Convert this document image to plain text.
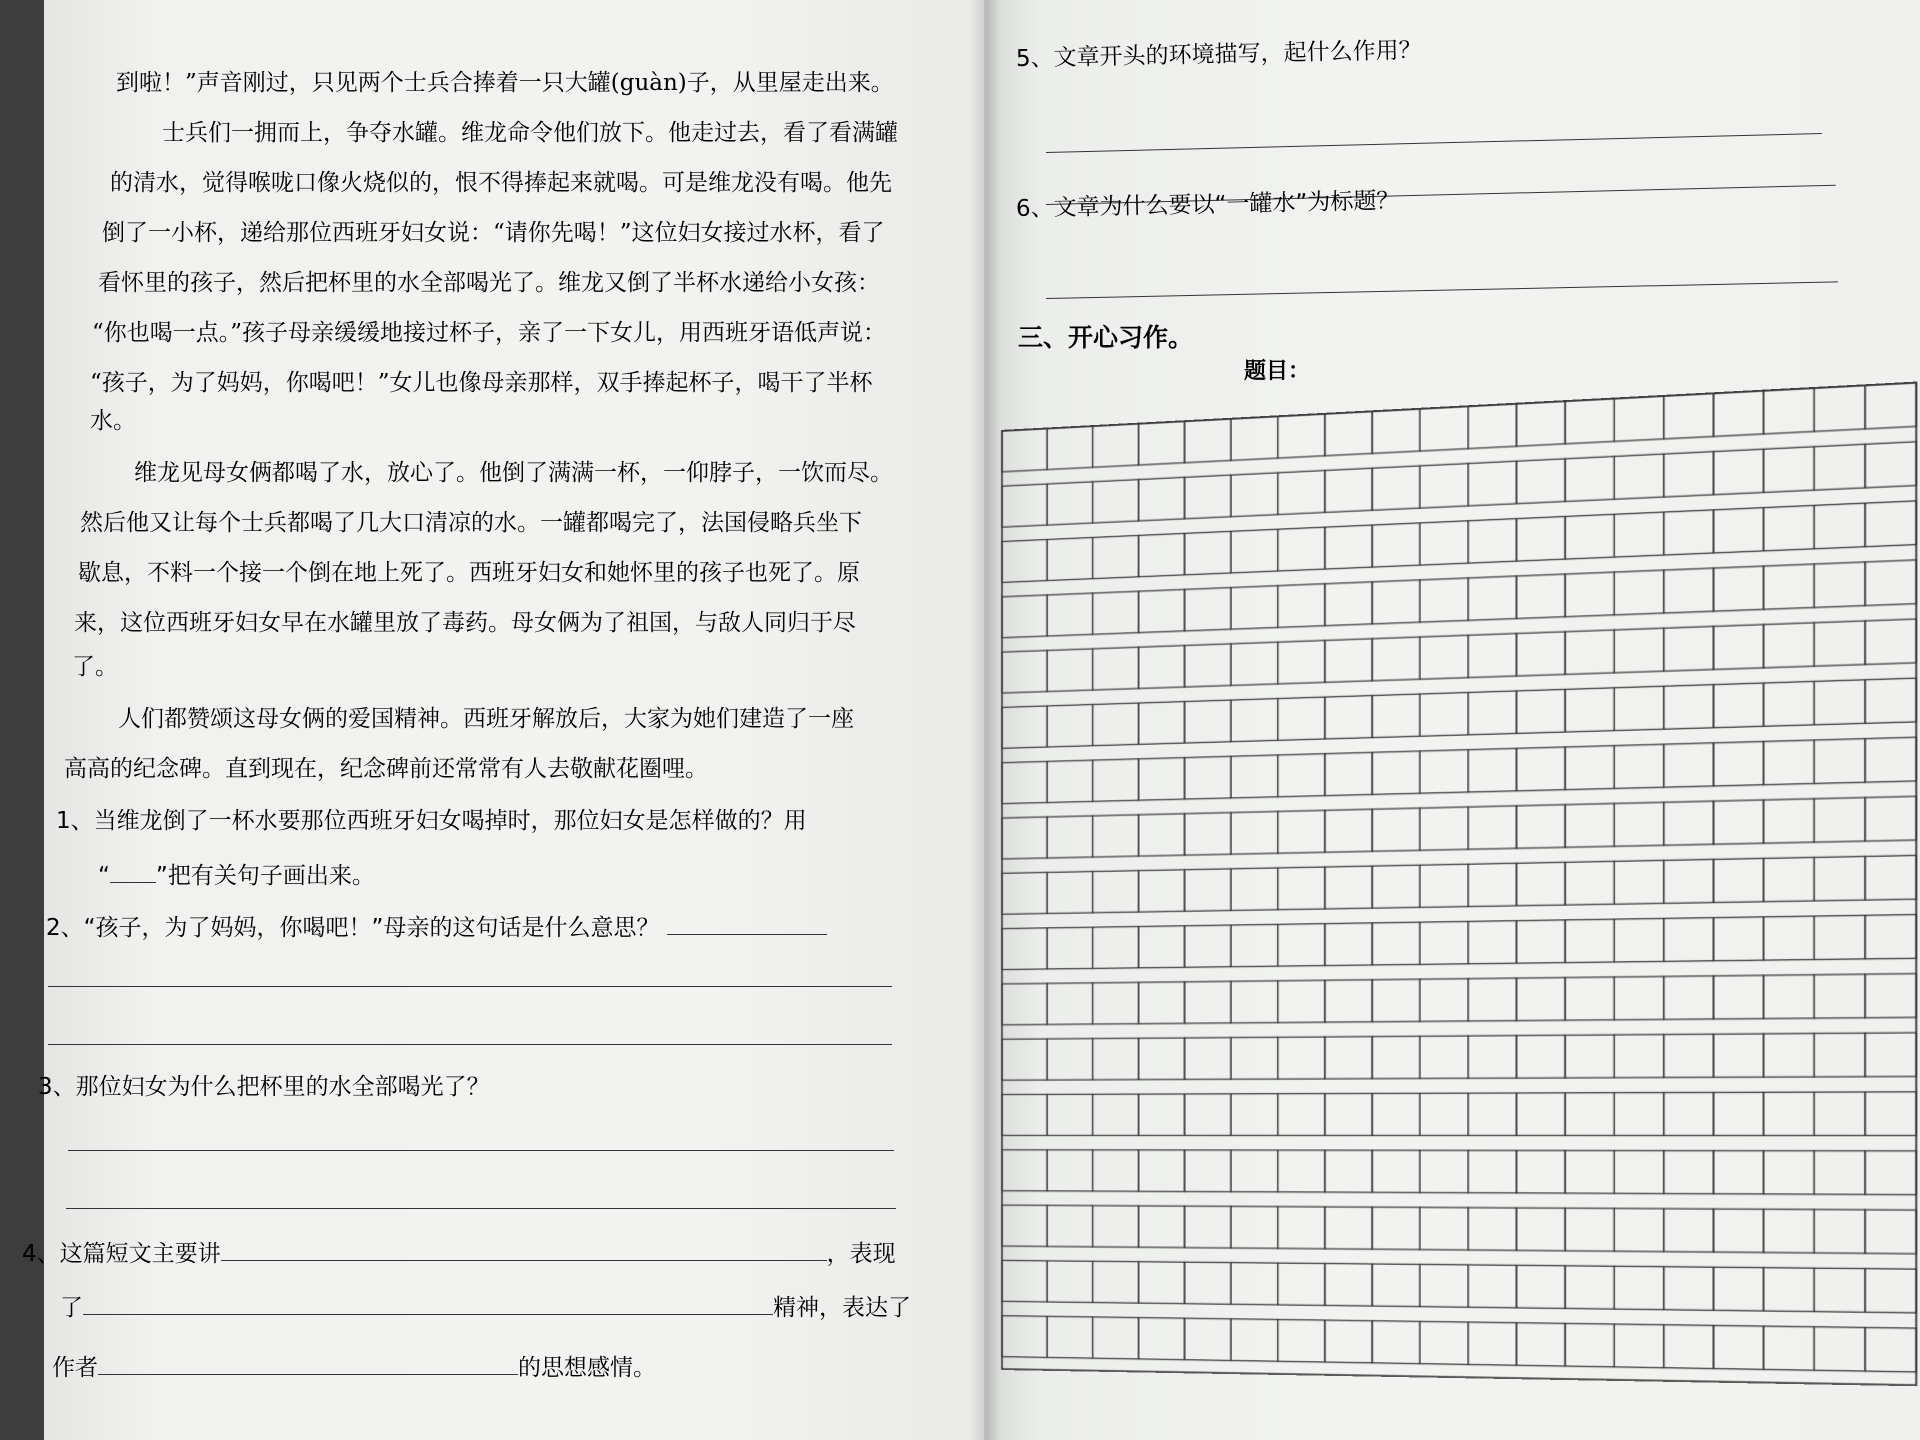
到啦！”声音刚过，只见两个士兵合捧着一只大罐(guàn)子，从里屋走出来。
士兵们一拥而上，争夺水罐。维龙命令他们放下。他走过去，看了看满罐
的清水，觉得喉咙口像火烧似的，恨不得捧起来就喝。可是维龙没有喝。他先
倒了一小杯，递给那位西班牙妇女说：“请你先喝！”这位妇女接过水杯，看了
看怀里的孩子，然后把杯里的水全部喝光了。维龙又倒了半杯水递给小女孩：
“你也喝一点。”孩子母亲缓缓地接过杯子，亲了一下女儿，用西班牙语低声说：
“孩子，为了妈妈，你喝吧！”女儿也像母亲那样，双手捧起杯子，喝干了半杯
水。
维龙见母女俩都喝了水，放心了。他倒了满满一杯，一仰脖子，一饮而尽。
然后他又让每个士兵都喝了几大口清凉的水。一罐都喝完了，法国侵略兵坐下
歇息，不料一个接一个倒在地上死了。西班牙妇女和她怀里的孩子也死了。原
来，这位西班牙妇女早在水罐里放了毒药。母女俩为了祖国，与敌人同归于尽
了。
人们都赞颂这母女俩的爱国精神。西班牙解放后，大家为她们建造了一座
高高的纪念碑。直到现在，纪念碑前还常常有人去敬献花圈哩。
1、当维龙倒了一杯水要那位西班牙妇女喝掉时，那位妇女是怎样做的？用
“ ”把有关句子画出来。
2、“孩子，为了妈妈，你喝吧！”母亲的这句话是什么意思？
3、那位妇女为什么把杯里的水全部喝光了？
4、这篇短文主要讲	，表现
了	精神，表达了
作者	的思想感情。
5、文章开头的环境描写，起什么作用？
6、文章为什么要以“一罐水”为标题？
三、开心习作。
题目：
